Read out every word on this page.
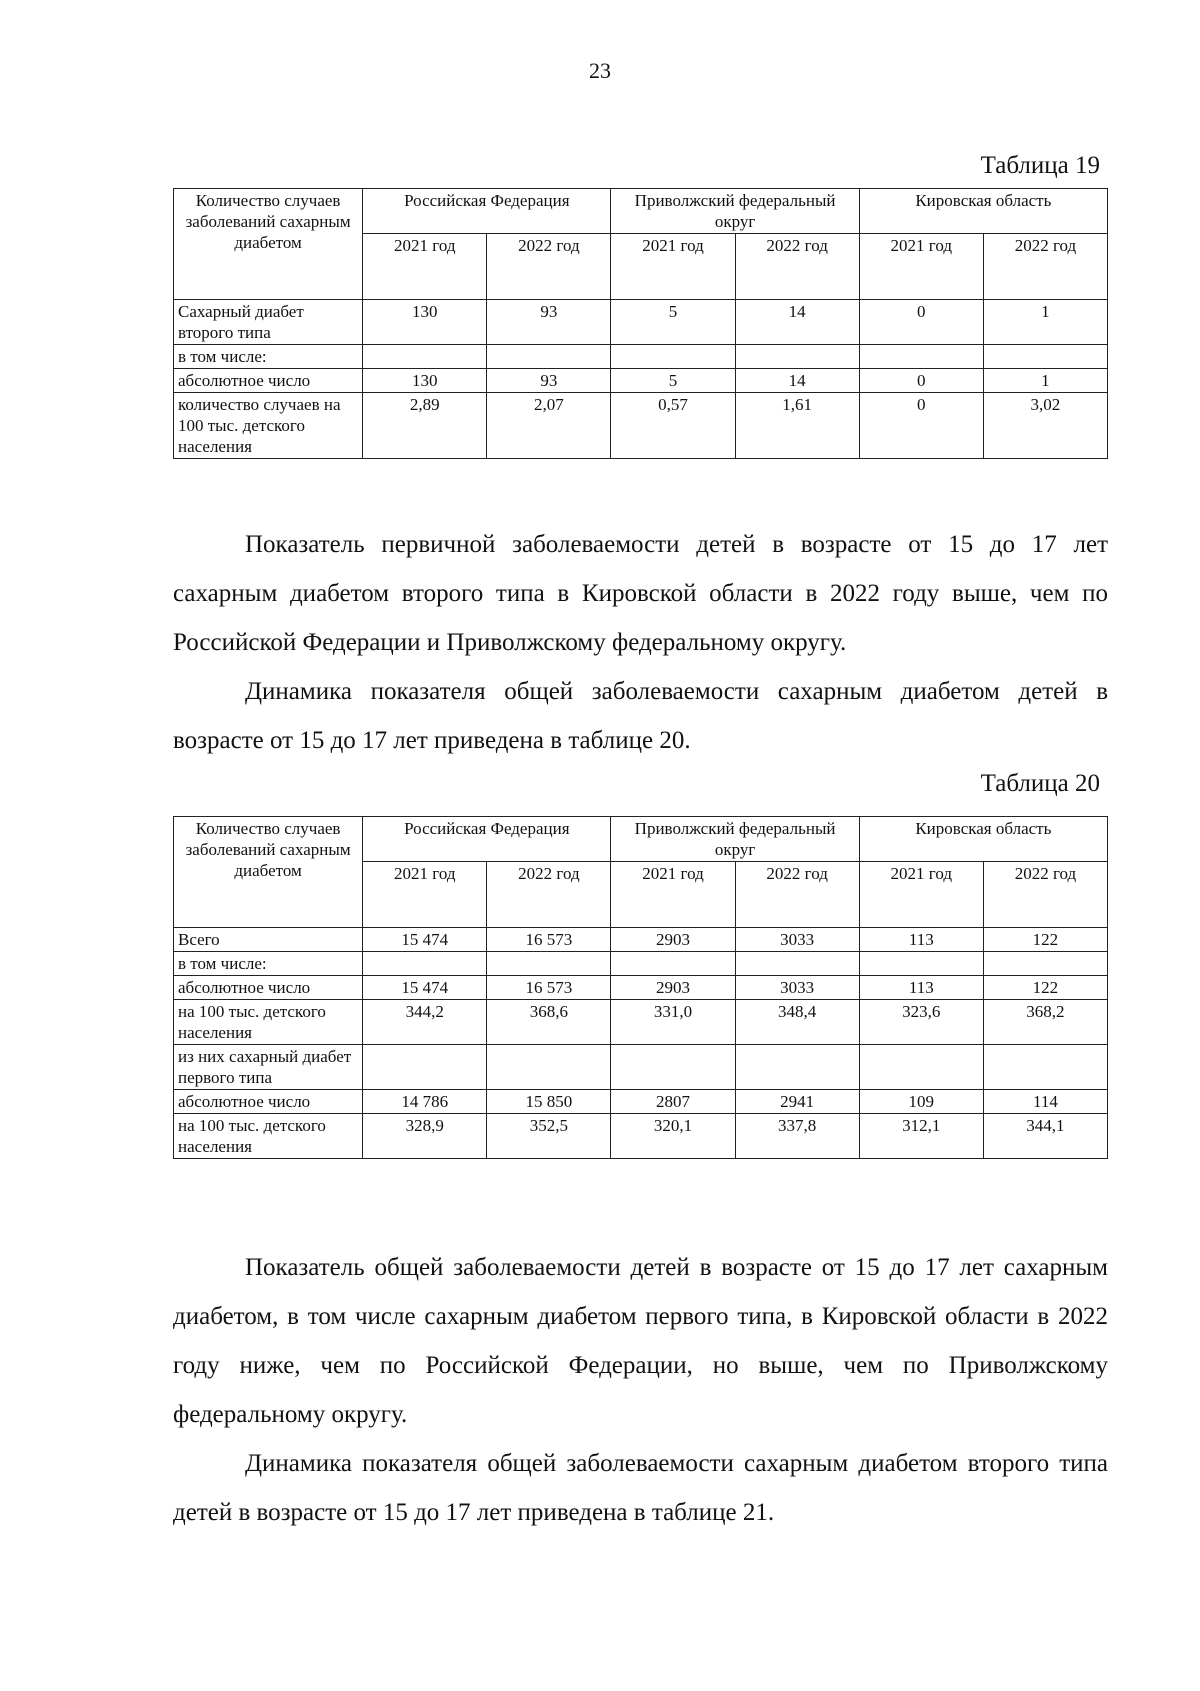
23
Таблица 19
Количество случаев заболеваний сахарным диабетом	Российская Федерация		Приволжский федеральный округ		Кировская область	
	2021 год	2022 год	2021 год	2022 год	2021 год	2022 год
Сахарный диабет второго типа	130	93	5	14	0	1
в том числе:						
абсолютное число	130	93	5	14	0	1
количество случаев на 100 тыс. детского населения	2,89	2,07	0,57	1,61	0	3,02
Показатель первичной заболеваемости детей в возрасте от 15 до 17 лет сахарным диабетом второго типа в Кировской области в 2022 году выше, чем по Российской Федерации и Приволжскому федеральному округу.
Динамика показателя общей заболеваемости сахарным диабетом детей в возрасте от 15 до 17 лет приведена в таблице 20.
Таблица 20
Количество случаев заболеваний сахарным диабетом	Российская Федерация		Приволжский федеральный округ		Кировская область	
	2021 год	2022 год	2021 год	2022 год	2021 год	2022 год
Всего	15 474	16 573	2903	3033	113	122
в том числе:						
абсолютное число	15 474	16 573	2903	3033	113	122
на 100 тыс. детского населения	344,2	368,6	331,0	348,4	323,6	368,2
из них сахарный диабет первого типа						
абсолютное число	14 786	15 850	2807	2941	109	114
на 100 тыс. детского населения	328,9	352,5	320,1	337,8	312,1	344,1
Показатель общей заболеваемости детей в возрасте от 15 до 17 лет сахарным диабетом, в том числе сахарным диабетом первого типа, в Кировской области в 2022 году ниже, чем по Российской Федерации, но выше, чем по Приволжскому федеральному округу.
Динамика показателя общей заболеваемости сахарным диабетом второго типа детей в возрасте от 15 до 17 лет приведена в таблице 21.
